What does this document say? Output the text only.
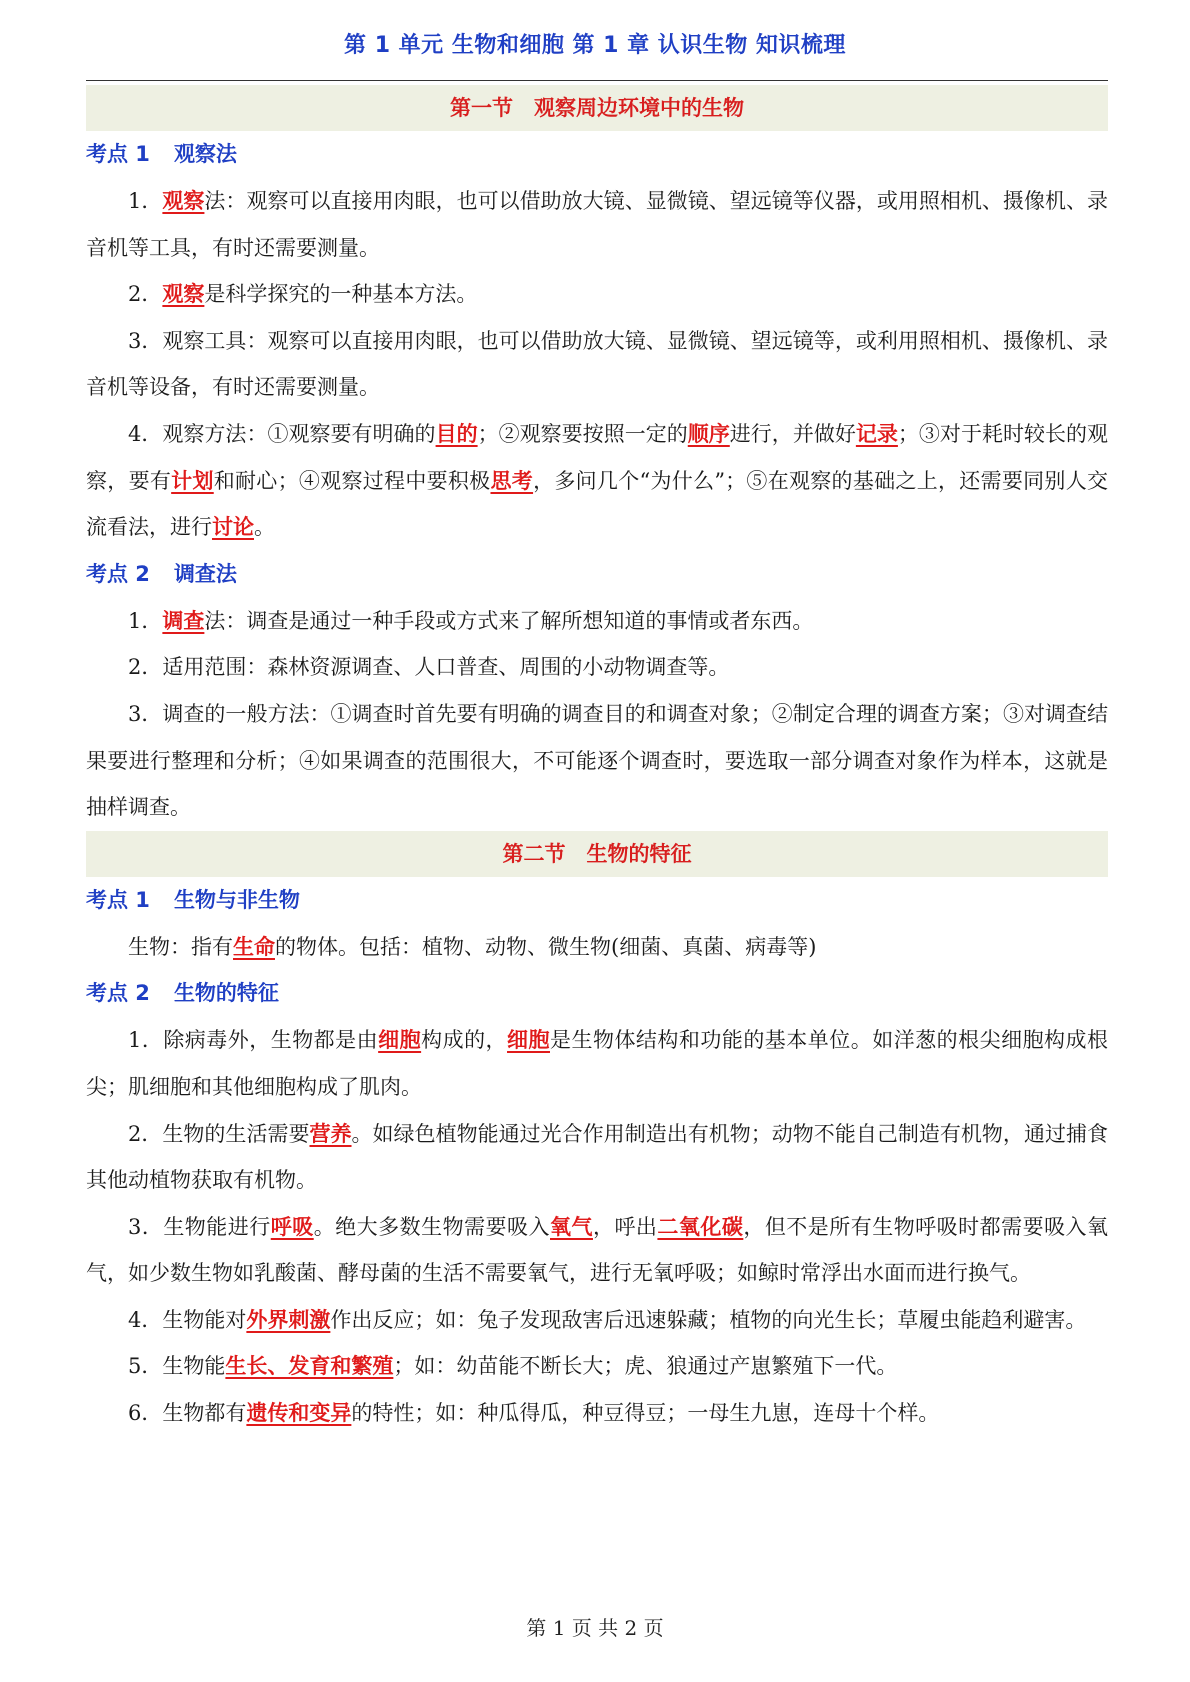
第 1 单元 生物和细胞 第 1 章 认识生物 知识梳理
第一节　观察周边环境中的生物
考点 1 观察法

1．观察法：观察可以直接用肉眼，也可以借助放大镜、显微镜、望远镜等仪器，或用照相机、摄像机、录音机等工具，有时还需要测量。

2．观察是科学探究的一种基本方法。

3．观察工具：观察可以直接用肉眼，也可以借助放大镜、显微镜、望远镜等，或利用照相机、摄像机、录音机等设备，有时还需要测量。

4．观察方法：①观察要有明确的目的；②观察要按照一定的顺序进行，并做好记录；③对于耗时较长的观察，要有计划和耐心；④观察过程中要积极思考，多问几个“为什么”；⑤在观察的基础之上，还需要同别人交流看法，进行讨论。

考点 2 调查法

1．调查法：调查是通过一种手段或方式来了解所想知道的事情或者东西。

2．适用范围：森林资源调查、人口普查、周围的小动物调查等。

3．调查的一般方法：①调查时首先要有明确的调查目的和调查对象；②制定合理的调查方案；③对调查结果要进行整理和分析；④如果调查的范围很大，不可能逐个调查时，要选取一部分调查对象作为样本，这就是抽样调查。

第二节　生物的特征
考点 1 生物与非生物

生物：指有生命的物体。包括：植物、动物、微生物(细菌、真菌、病毒等)

考点 2 生物的特征

1．除病毒外，生物都是由细胞构成的，细胞是生物体结构和功能的基本单位。如洋葱的根尖细胞构成根尖；肌细胞和其他细胞构成了肌肉。

2．生物的生活需要营养。如绿色植物能通过光合作用制造出有机物；动物不能自己制造有机物，通过捕食其他动植物获取有机物。

3．生物能进行呼吸。绝大多数生物需要吸入氧气，呼出二氧化碳，但不是所有生物呼吸时都需要吸入氧气，如少数生物如乳酸菌、酵母菌的生活不需要氧气，进行无氧呼吸；如鲸时常浮出水面而进行换气。

4．生物能对外界刺激作出反应；如：兔子发现敌害后迅速躲藏；植物的向光生长；草履虫能趋利避害。

5．生物能生长、发育和繁殖；如：幼苗能不断长大；虎、狼通过产崽繁殖下一代。

6．生物都有遗传和变异的特性；如：种瓜得瓜，种豆得豆；一母生九崽，连母十个样。

第 1 页 共 2 页
